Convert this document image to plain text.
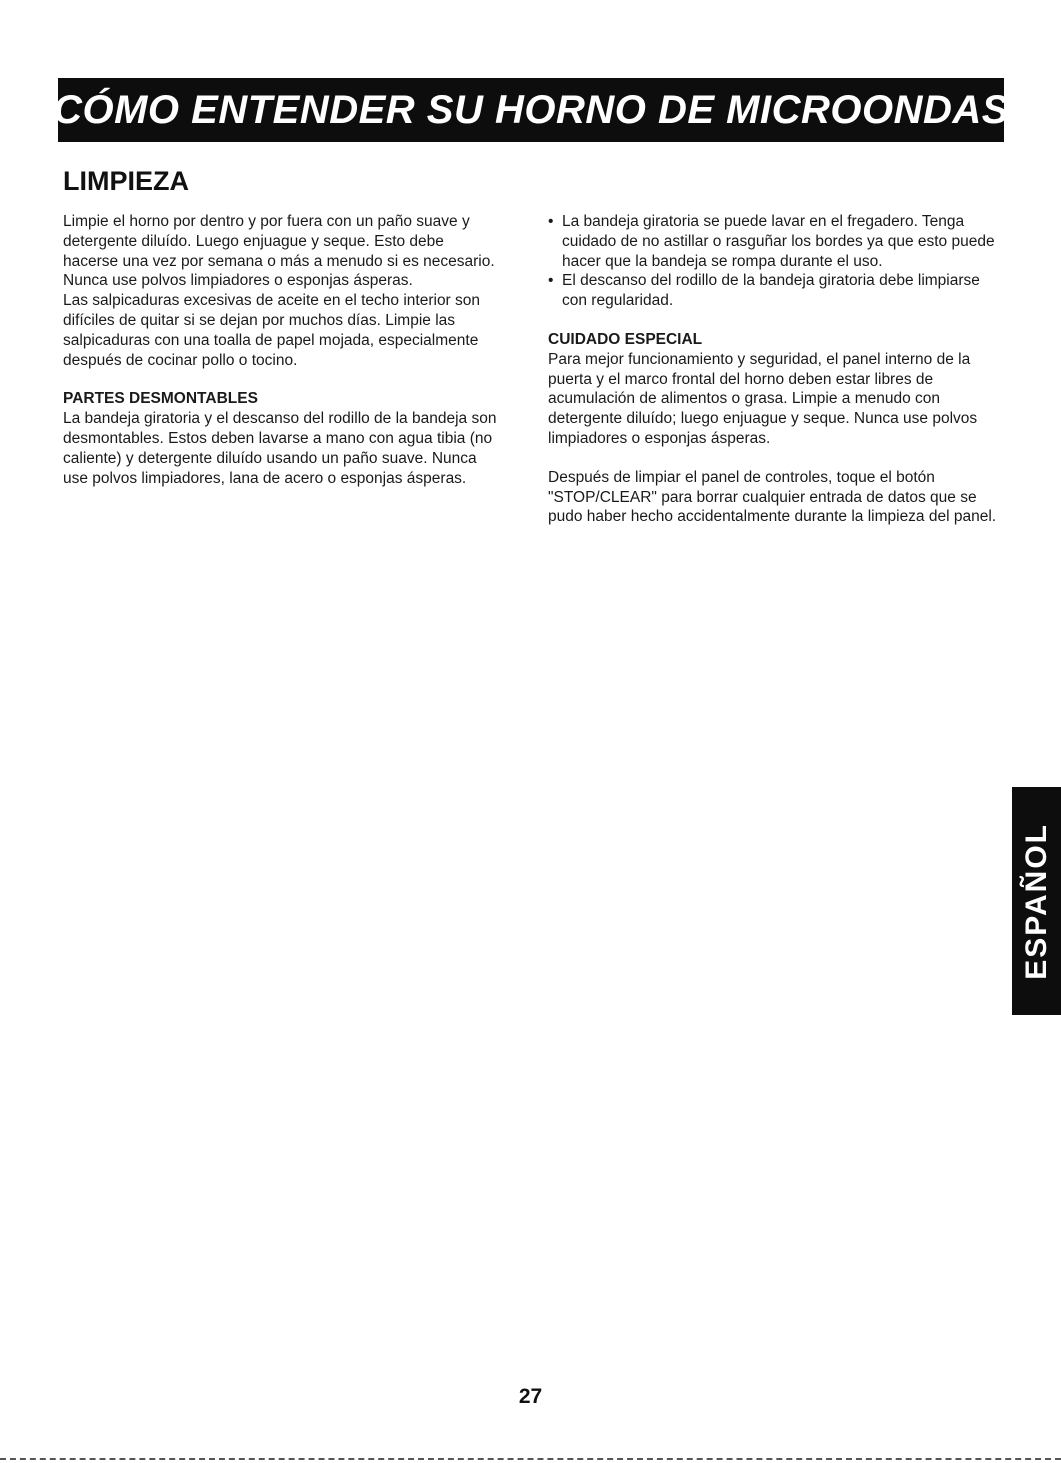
CÓMO ENTENDER SU HORNO DE MICROONDAS
LIMPIEZA

Limpie el horno por dentro y por fuera con un paño suave y detergente diluído. Luego enjuague y seque. Esto debe hacerse una vez por semana o más a menudo si es necesario. Nunca use polvos limpiadores o esponjas ásperas.

Las salpicaduras excesivas de aceite en el techo interior son difíciles de quitar si se dejan por muchos días. Limpie las salpicaduras con una toalla de papel mojada, especialmente después de cocinar pollo o tocino.

PARTES DESMONTABLES

La bandeja giratoria y el descanso del rodillo de la bandeja son desmontables. Estos deben lavarse a mano con agua tibia (no caliente) y detergente diluído usando un paño suave. Nunca use polvos limpiadores, lana de acero o esponjas ásperas.

• La bandeja giratoria se puede lavar en el fregadero. Tenga cuidado de no astillar o rasguñar los bordes ya que esto puede hacer que la bandeja se rompa durante el uso.
• El descanso del rodillo de la bandeja giratoria debe limpiarse con regularidad.

CUIDADO ESPECIAL

Para mejor funcionamiento y seguridad, el panel interno de la puerta y el marco frontal del horno deben estar libres de acumulación de alimentos o grasa. Limpie a menudo con detergente diluído; luego enjuague y seque. Nunca use polvos limpiadores o esponjas ásperas.

Después de limpiar el panel de controles, toque el botón "STOP/CLEAR" para borrar cualquier entrada de datos que se pudo haber hecho accidentalmente durante la limpieza del panel.

ESPAÑOL
27
